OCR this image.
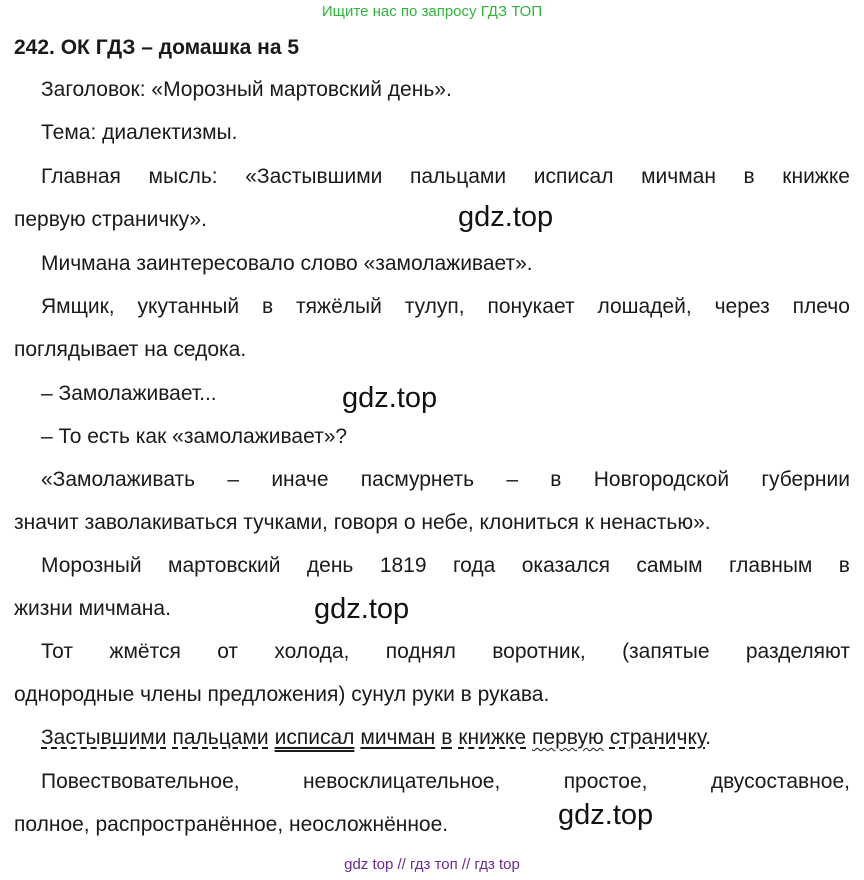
Ищите нас по запросу ГДЗ ТОП
242. ОК ГДЗ – домашка на 5
Заголовок: «Морозный мартовский день».
Тема: диалектизмы.
Главная мысль: «Застывшими пальцами исписал мичман в книжке
первую страничку».	gdz.top
Мичмана заинтересовало слово «замолаживает».
Ямщик, укутанный в тяжёлый тулуп, понукает лошадей, через плечо
поглядывает на седока.
– Замолаживает...	gdz.top
– То есть как «замолаживает»?
«Замолаживать – иначе пасмурнеть – в Новгородской губернии
значит заволакиваться тучками, говоря о небе, клониться к ненастью».
Морозный мартовский день 1819 года оказался самым главным в
жизни мичмана.	gdz.top
Тот жмётся от холода, поднял воротник, (запятые разделяют
однородные члены предложения) сунул руки в рукава.
Застывшими пальцами исписал мичман в книжке первую страничку.
Повествовательное,	невосклицательное,	простое,	двусоставное,
полное, распространённое, неосложнённое.	gdz.top
gdz top // гдз топ // гдз top
